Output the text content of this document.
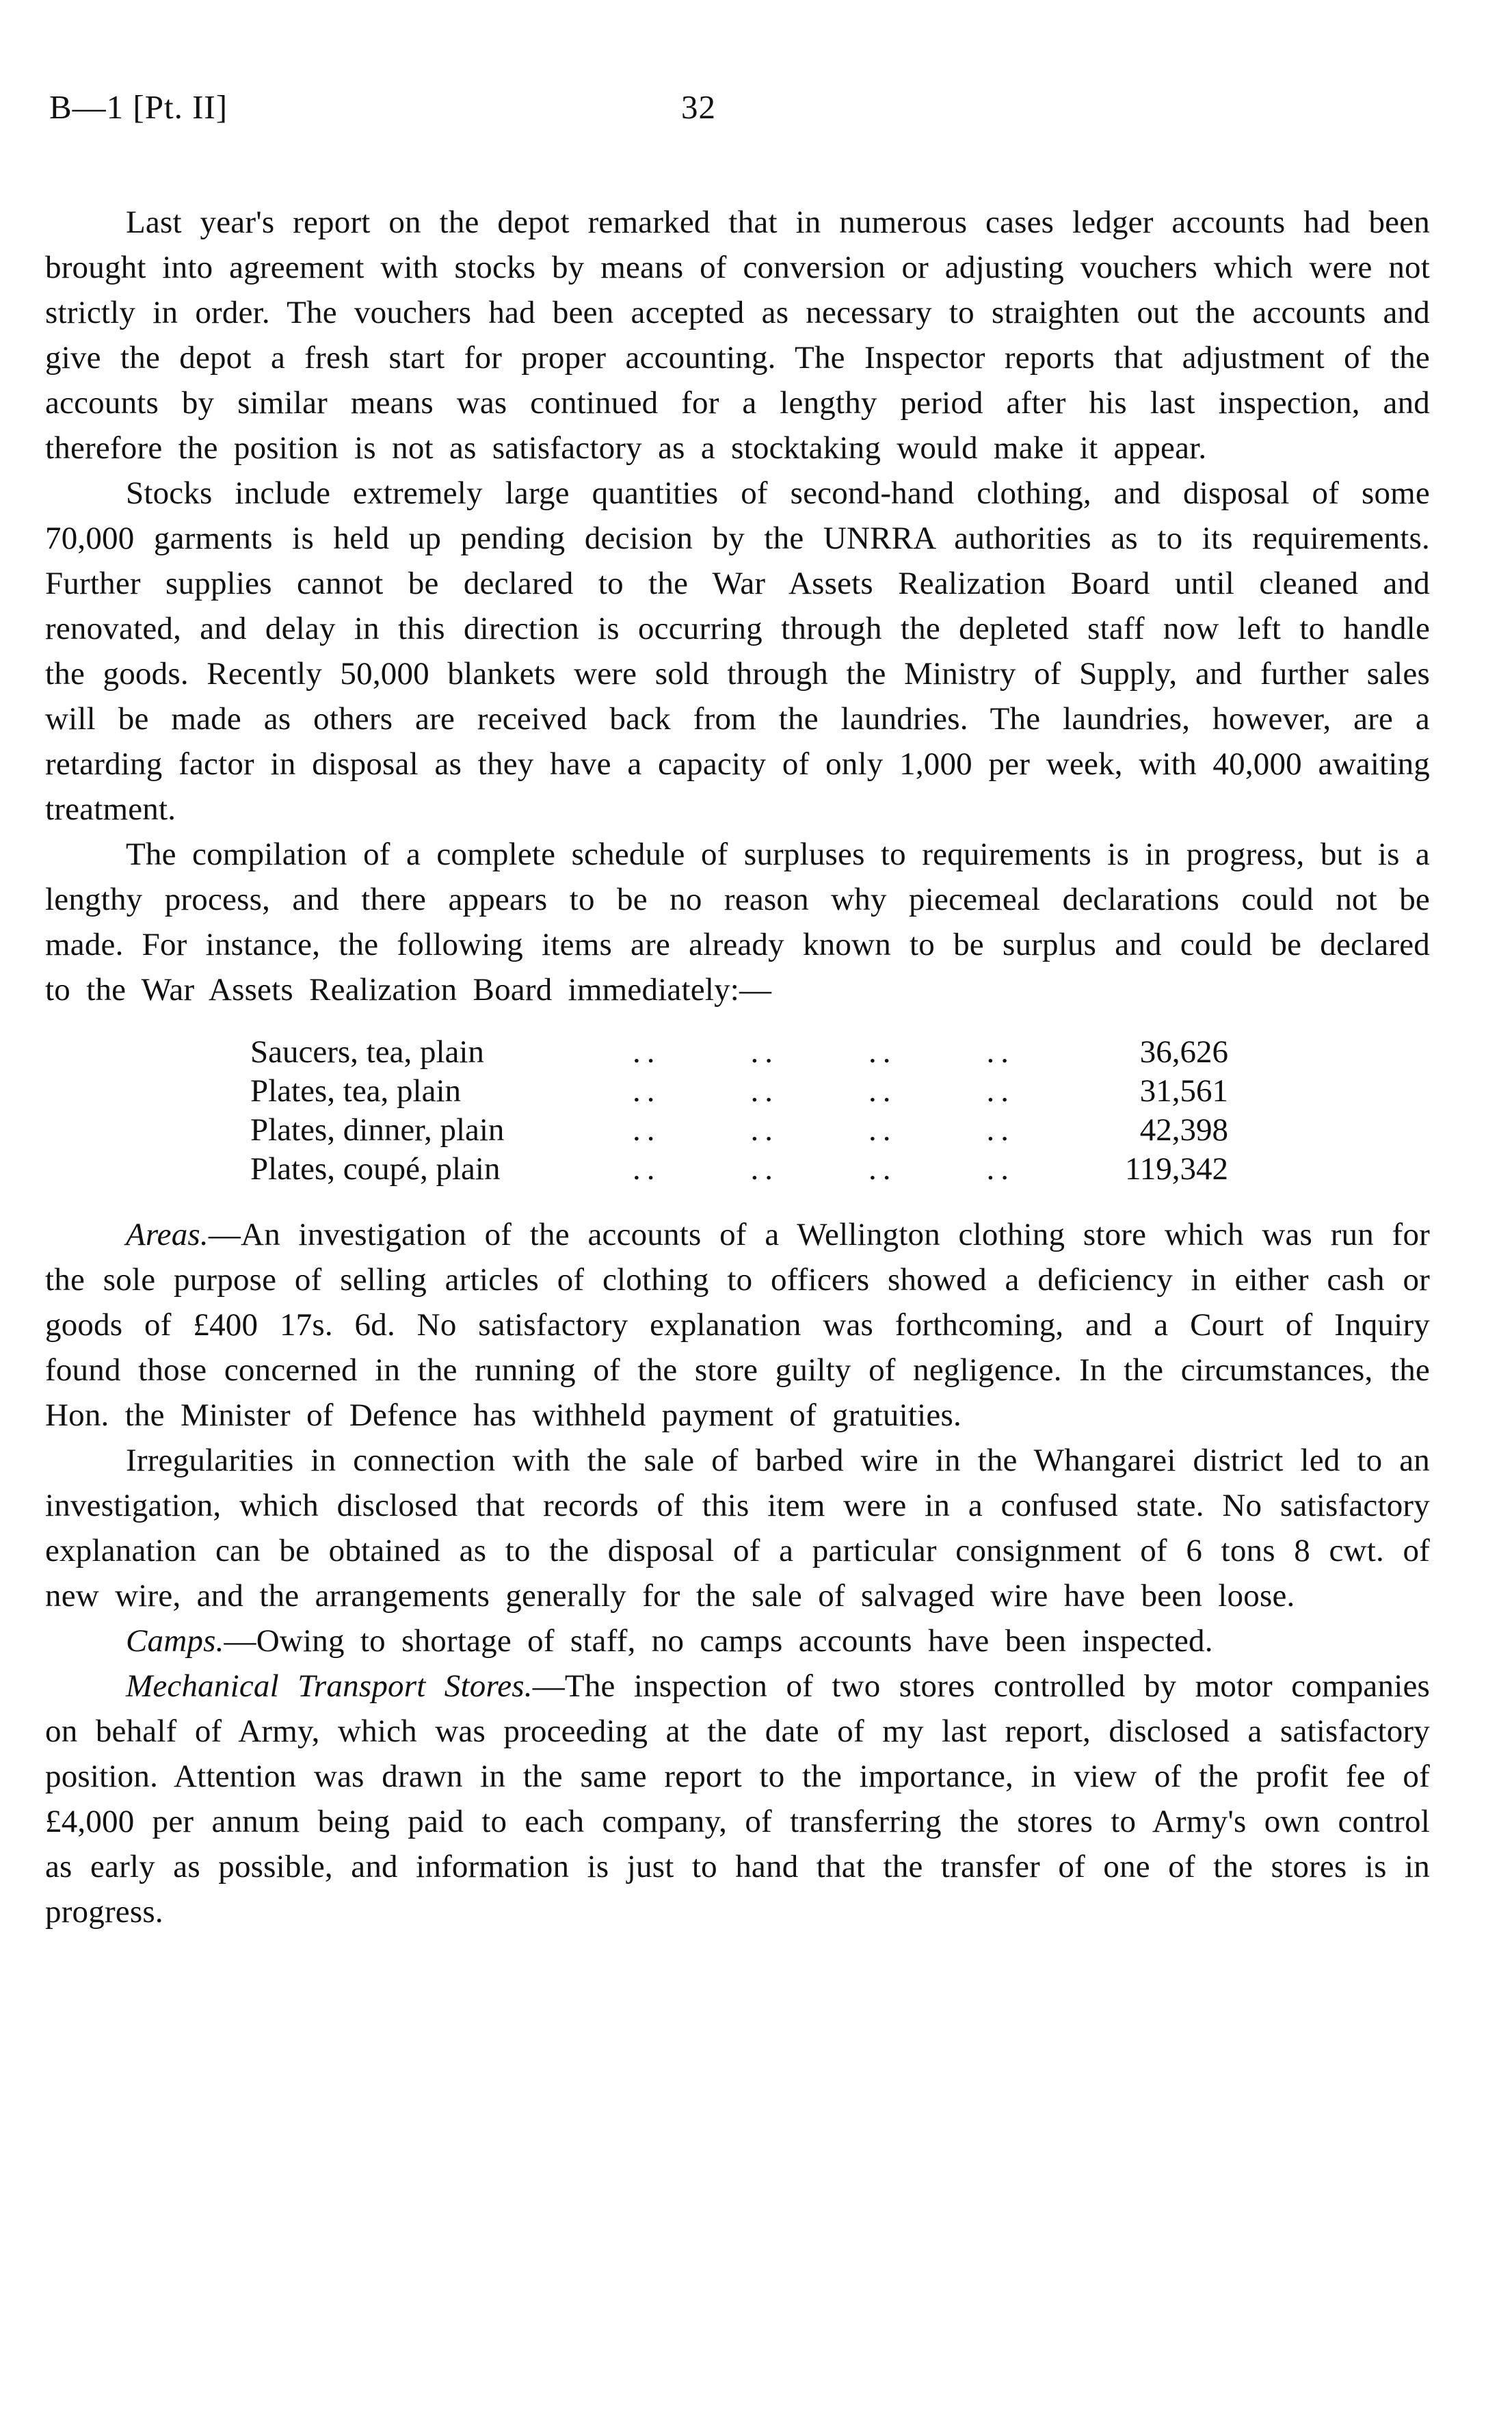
B—1 [Pt. II]	32

Last year's report on the depot remarked that in numerous cases ledger accounts had been brought into agreement with stocks by means of conversion or adjusting vouchers which were not strictly in order. The vouchers had been accepted as necessary to straighten out the accounts and give the depot a fresh start for proper accounting. The Inspector reports that adjustment of the accounts by similar means was continued for a lengthy period after his last inspection, and therefore the position is not as satisfactory as a stocktaking would make it appear.

Stocks include extremely large quantities of second-hand clothing, and disposal of some 70,000 garments is held up pending decision by the UNRRA authorities as to its requirements. Further supplies cannot be declared to the War Assets Realization Board until cleaned and renovated, and delay in this direction is occurring through the depleted staff now left to handle the goods. Recently 50,000 blankets were sold through the Ministry of Supply, and further sales will be made as others are received back from the laundries. The laundries, however, are a retarding factor in disposal as they have a capacity of only 1,000 per week, with 40,000 awaiting treatment.

The compilation of a complete schedule of surpluses to requirements is in progress, but is a lengthy process, and there appears to be no reason why piecemeal declarations could not be made. For instance, the following items are already known to be surplus and could be declared to the War Assets Realization Board immediately:—

Saucers, tea, plain	..	..	..	..	36,626
Plates, tea, plain	..	..	..	..	31,561
Plates, dinner, plain	..	..	..	..	42,398
Plates, coupé, plain	..	..	..	..	119,342

Areas.—An investigation of the accounts of a Wellington clothing store which was run for the sole purpose of selling articles of clothing to officers showed a deficiency in either cash or goods of £400 17s. 6d. No satisfactory explanation was forthcoming, and a Court of Inquiry found those concerned in the running of the store guilty of negligence. In the circumstances, the Hon. the Minister of Defence has withheld payment of gratuities.

Irregularities in connection with the sale of barbed wire in the Whangarei district led to an investigation, which disclosed that records of this item were in a confused state. No satisfactory explanation can be obtained as to the disposal of a particular consignment of 6 tons 8 cwt. of new wire, and the arrangements generally for the sale of salvaged wire have been loose.

Camps.—Owing to shortage of staff, no camps accounts have been inspected.

Mechanical Transport Stores.—The inspection of two stores controlled by motor companies on behalf of Army, which was proceeding at the date of my last report, disclosed a satisfactory position. Attention was drawn in the same report to the importance, in view of the profit fee of £4,000 per annum being paid to each company, of transferring the stores to Army's own control as early as possible, and information is just to hand that the transfer of one of the stores is in progress.
